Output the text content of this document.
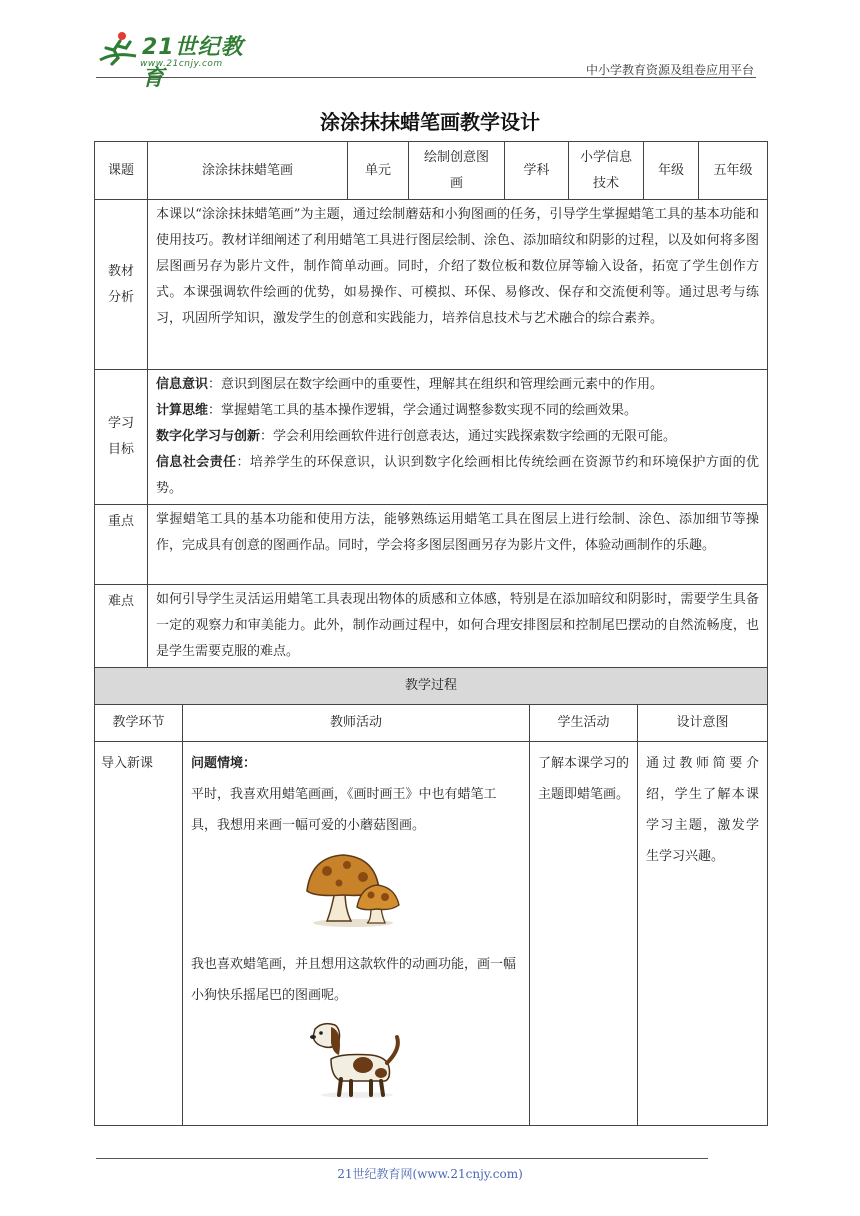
21世纪教育
www.21cnjy.com	中小学教育资源及组卷应用平台
涂涂抹抹蜡笔画教学设计
课题	涂涂抹抹蜡笔画	单元	绘制创意图画	学科	小学信息技术	年级	五年级
教材分析	本课以“涂涂抹抹蜡笔画”为主题，通过绘制蘑菇和小狗图画的任务，引导学生掌握蜡笔工具的基本功能和使用技巧。教材详细阐述了利用蜡笔工具进行图层绘制、涂色、添加暗纹和阴影的过程，以及如何将多图层图画另存为影片文件，制作简单动画。同时，介绍了数位板和数位屏等输入设备，拓宽了学生创作方式。本课强调软件绘画的优势，如易操作、可模拟、环保、易修改、保存和交流便利等。通过思考与练习，巩固所学知识，激发学生的创意和实践能力，培养信息技术与艺术融合的综合素养。						
学习目标	信息意识：意识到图层在数字绘画中的重要性，理解其在组织和管理绘画元素中的作用。
计算思维：掌握蜡笔工具的基本操作逻辑，学会通过调整参数实现不同的绘画效果。
数字化学习与创新：学会利用绘画软件进行创意表达，通过实践探索数字绘画的无限可能。
信息社会责任：培养学生的环保意识，认识到数字化绘画相比传统绘画在资源节约和环境保护方面的优势。						

重点	掌握蜡笔工具的基本功能和使用方法，能够熟练运用蜡笔工具在图层上进行绘制、涂色、添加细节等操作，完成具有创意的图画作品。同时，学会将多图层图画另存为影片文件，体验动画制作的乐趣。						
难点	如何引导学生灵活运用蜡笔工具表现出物体的质感和立体感，特别是在添加暗纹和阴影时，需要学生具备一定的观察力和审美能力。此外，制作动画过程中，如何合理安排图层和控制尾巴摆动的自然流畅度，也是学生需要克服的难点。						
教学过程			
教学环节	教师活动	学生活动	设计意图
导入新课	问题情境：

平时，我喜欢用蜡笔画画，《画时画王》中也有蜡笔工具，我想用来画一幅可爱的小蘑菇图画。

我也喜欢蜡笔画，并且想用这款软件的动画功能，画一幅小狗快乐摇尾巴的图画呢。	了解本课学习的主题即蜡笔画。	通过教师简要介绍，学生了解本课学习主题，激发学生学习兴趣。
21世纪教育网(www.21cnjy.com)
